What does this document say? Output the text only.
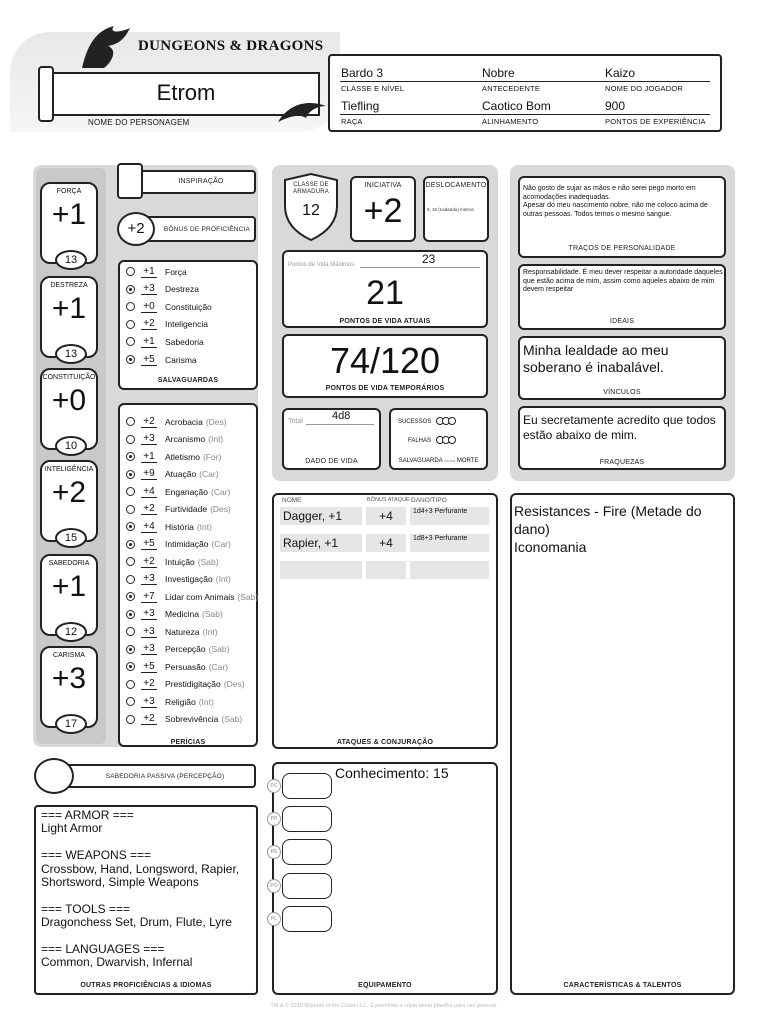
DUNGEONS & DRAGONS
Etrom
NOME DO PERSONAGEM
Bardo 3
CLASSE E NÍVEL
Nobre
ANTECEDENTE
Kaizo
NOME DO JOGADOR
Tiefling
RAÇA
Caotico Bom
ALINHAMENTO
900
PONTOS DE EXPERIÊNCIA
FORÇA
+1
13
DESTREZA
+1
13
CONSTITUIÇÃO
+0
10
INTELIGÊNCIA
+2
15
SABEDORIA
+1
12
CARISMA
+3
17
INSPIRAÇÃO
+2	BÔNUS DE PROFICIÊNCIA
+1 Força
+3 Destreza
+0 Constituição
+2 Inteligencia
+1 Sabedoria
+5 Carisma
SALVAGUARDAS
+2 Acrobacia (Des)
+3 Arcanismo (Int)
+1 Atletismo (For)
+9 Atuação (Car)
+4 Enganação (Car)
+2 Furtividade (Des)
+4 História (Int)
+5 Intimidação (Car)
+2 Intuição (Sab)
+3 Investigação (Int)
+7 Lidar com Animais (Sab)
+3 Medicina (Sab)
+3 Natureza (Int)
+3 Percepção (Sab)
+5 Persuasão (Car)
+2 Prestidigitação (Des)
+3 Religião (Int)
+2 Sobrevivência (Sab)
PERÍCIAS
SABEDORIA PASSIVA (PERCEPÇÃO)
=== ARMOR ===
Light Armor
=== WEAPONS ===
Crossbow, Hand, Longsword, Rapier,
Shortsword, Simple Weapons
=== TOOLS ===
Dragonchess Set, Drum, Flute, Lyre
=== LANGUAGES ===
Common, Dwarvish, Infernal
OUTRAS PROFICIÊNCIAS & IDIOMAS
CLASSE DE ARMADURA
12
INICIATIVA
+2
DESLOCAMENTO
9, 18 (nadando) metros
Pontos de Vida Máximos	23
21
PONTOS DE VIDA ATUAIS
74/120
PONTOS DE VIDA TEMPORÁRIOS
Total	4d8
DADO DE VIDA
SUCESSOS
FALHAS
SALVAGUARDA contra MORTE
NOME	BÔNUS ATAQUE DANO/TIPO
Dagger, +1	+4	1d4+3 Perfurante
Rapier, +1	+4	1d8+3 Perfurante
ATAQUES & CONJURAÇÃO
Conhecimento: 15
PC
PP
PE
PO
PL
EQUIPAMENTO
Não gosto de sujar as mãos e não serei pego morto em acomodações inadequadas.
Apesar do meu nascimento nobre, não me coloco acima de outras pessoas. Todos temos o mesmo sangue.
TRAÇOS DE PERSONALIDADE
Responsabilidade. É meu dever respeitar a autoridade daqueles que estão acima de mim, assim como aqueles abaixo de mim devem respeitar
IDEAIS
Minha lealdade ao meu soberano é inabalável.
VÍNCULOS
Eu secretamente acredito que todos estão abaixo de mim.
FRAQUEZAS
Resistances - Fire (Metade do dano)
Iconomania
CARACTERÍSTICAS & TALENTOS
TM & © 2019 Wizards of the Coast LLC. É permitida a cópia desta planilha para uso pessoal.
